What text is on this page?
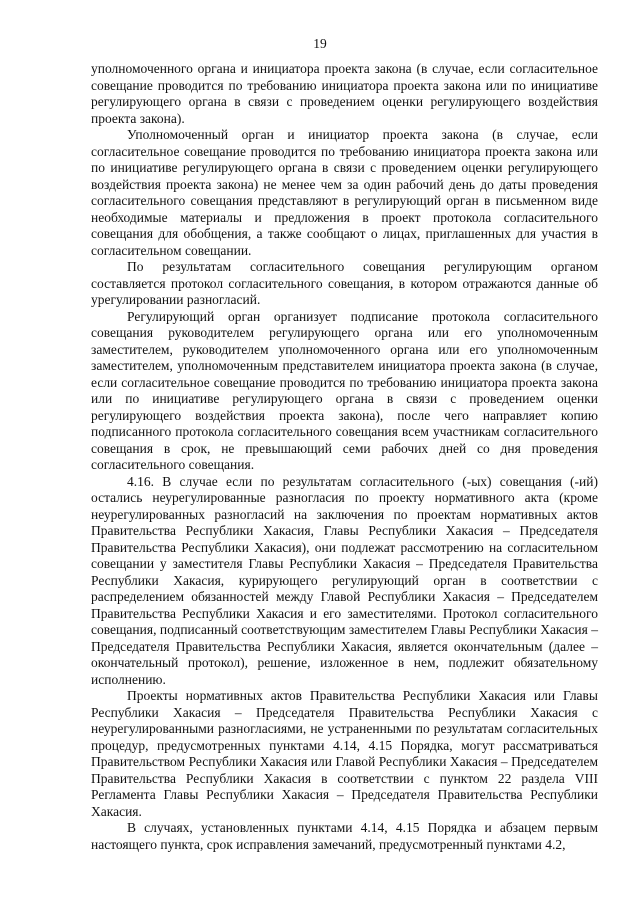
19

уполномоченного органа и инициатора проекта закона (в случае, если согласительное совещание проводится по требованию инициатора проекта закона или по инициативе регулирующего органа в связи с проведением оценки регулирующего воздействия проекта закона).

Уполномоченный орган и инициатор проекта закона (в случае, если согласительное совещание проводится по требованию инициатора проекта закона или по инициативе регулирующего органа в связи с проведением оценки регулирующего воздействия проекта закона) не менее чем за один рабочий день до даты проведения согласительного совещания представляют в регулирующий орган в письменном виде необходимые материалы и предложения в проект протокола согласительного совещания для обобщения, а также сообщают о лицах, приглашенных для участия в согласительном совещании.

По результатам согласительного совещания регулирующим органом составляется протокол согласительного совещания, в котором отражаются данные об урегулировании разногласий.

Регулирующий орган организует подписание протокола согласительного совещания руководителем регулирующего органа или его уполномоченным заместителем, руководителем уполномоченного органа или его уполномоченным заместителем, уполномоченным представителем инициатора проекта закона (в случае, если согласительное совещание проводится по требованию инициатора проекта закона или по инициативе регулирующего органа в связи с проведением оценки регулирующего воздействия проекта закона), после чего направляет копию подписанного протокола согласительного совещания всем участникам согласительного совещания в срок, не превышающий семи рабочих дней со дня проведения согласительного совещания.

4.16. В случае если по результатам согласительного (-ых) совещания (-ий) остались неурегулированные разногласия по проекту нормативного акта (кроме неурегулированных разногласий на заключения по проектам нормативных актов Правительства Республики Хакасия, Главы Республики Хакасия – Председателя Правительства Республики Хакасия), они подлежат рассмотрению на согласительном совещании у заместителя Главы Республики Хакасия – Председателя Правительства Республики Хакасия, курирующего регулирующий орган в соответствии с распределением обязанностей между Главой Республики Хакасия – Председателем Правительства Республики Хакасия и его заместителями. Протокол согласительного совещания, подписанный соответствующим заместителем Главы Республики Хакасия – Председателя Правительства Республики Хакасия, является окончательным (далее – окончательный протокол), решение, изложенное в нем, подлежит обязательному исполнению.

Проекты нормативных актов Правительства Республики Хакасия или Главы Республики Хакасия – Председателя Правительства Республики Хакасия с неурегулированными разногласиями, не устраненными по результатам согласительных процедур, предусмотренных пунктами 4.14, 4.15 Порядка, могут рассматриваться Правительством Республики Хакасия или Главой Республики Хакасия – Председателем Правительства Республики Хакасия в соответствии с пунктом 22 раздела VIII Регламента Главы Республики Хакасия – Председателя Правительства Республики Хакасия.

В случаях, установленных пунктами 4.14, 4.15 Порядка и абзацем первым настоящего пункта, срок исправления замечаний, предусмотренный пунктами 4.2,
